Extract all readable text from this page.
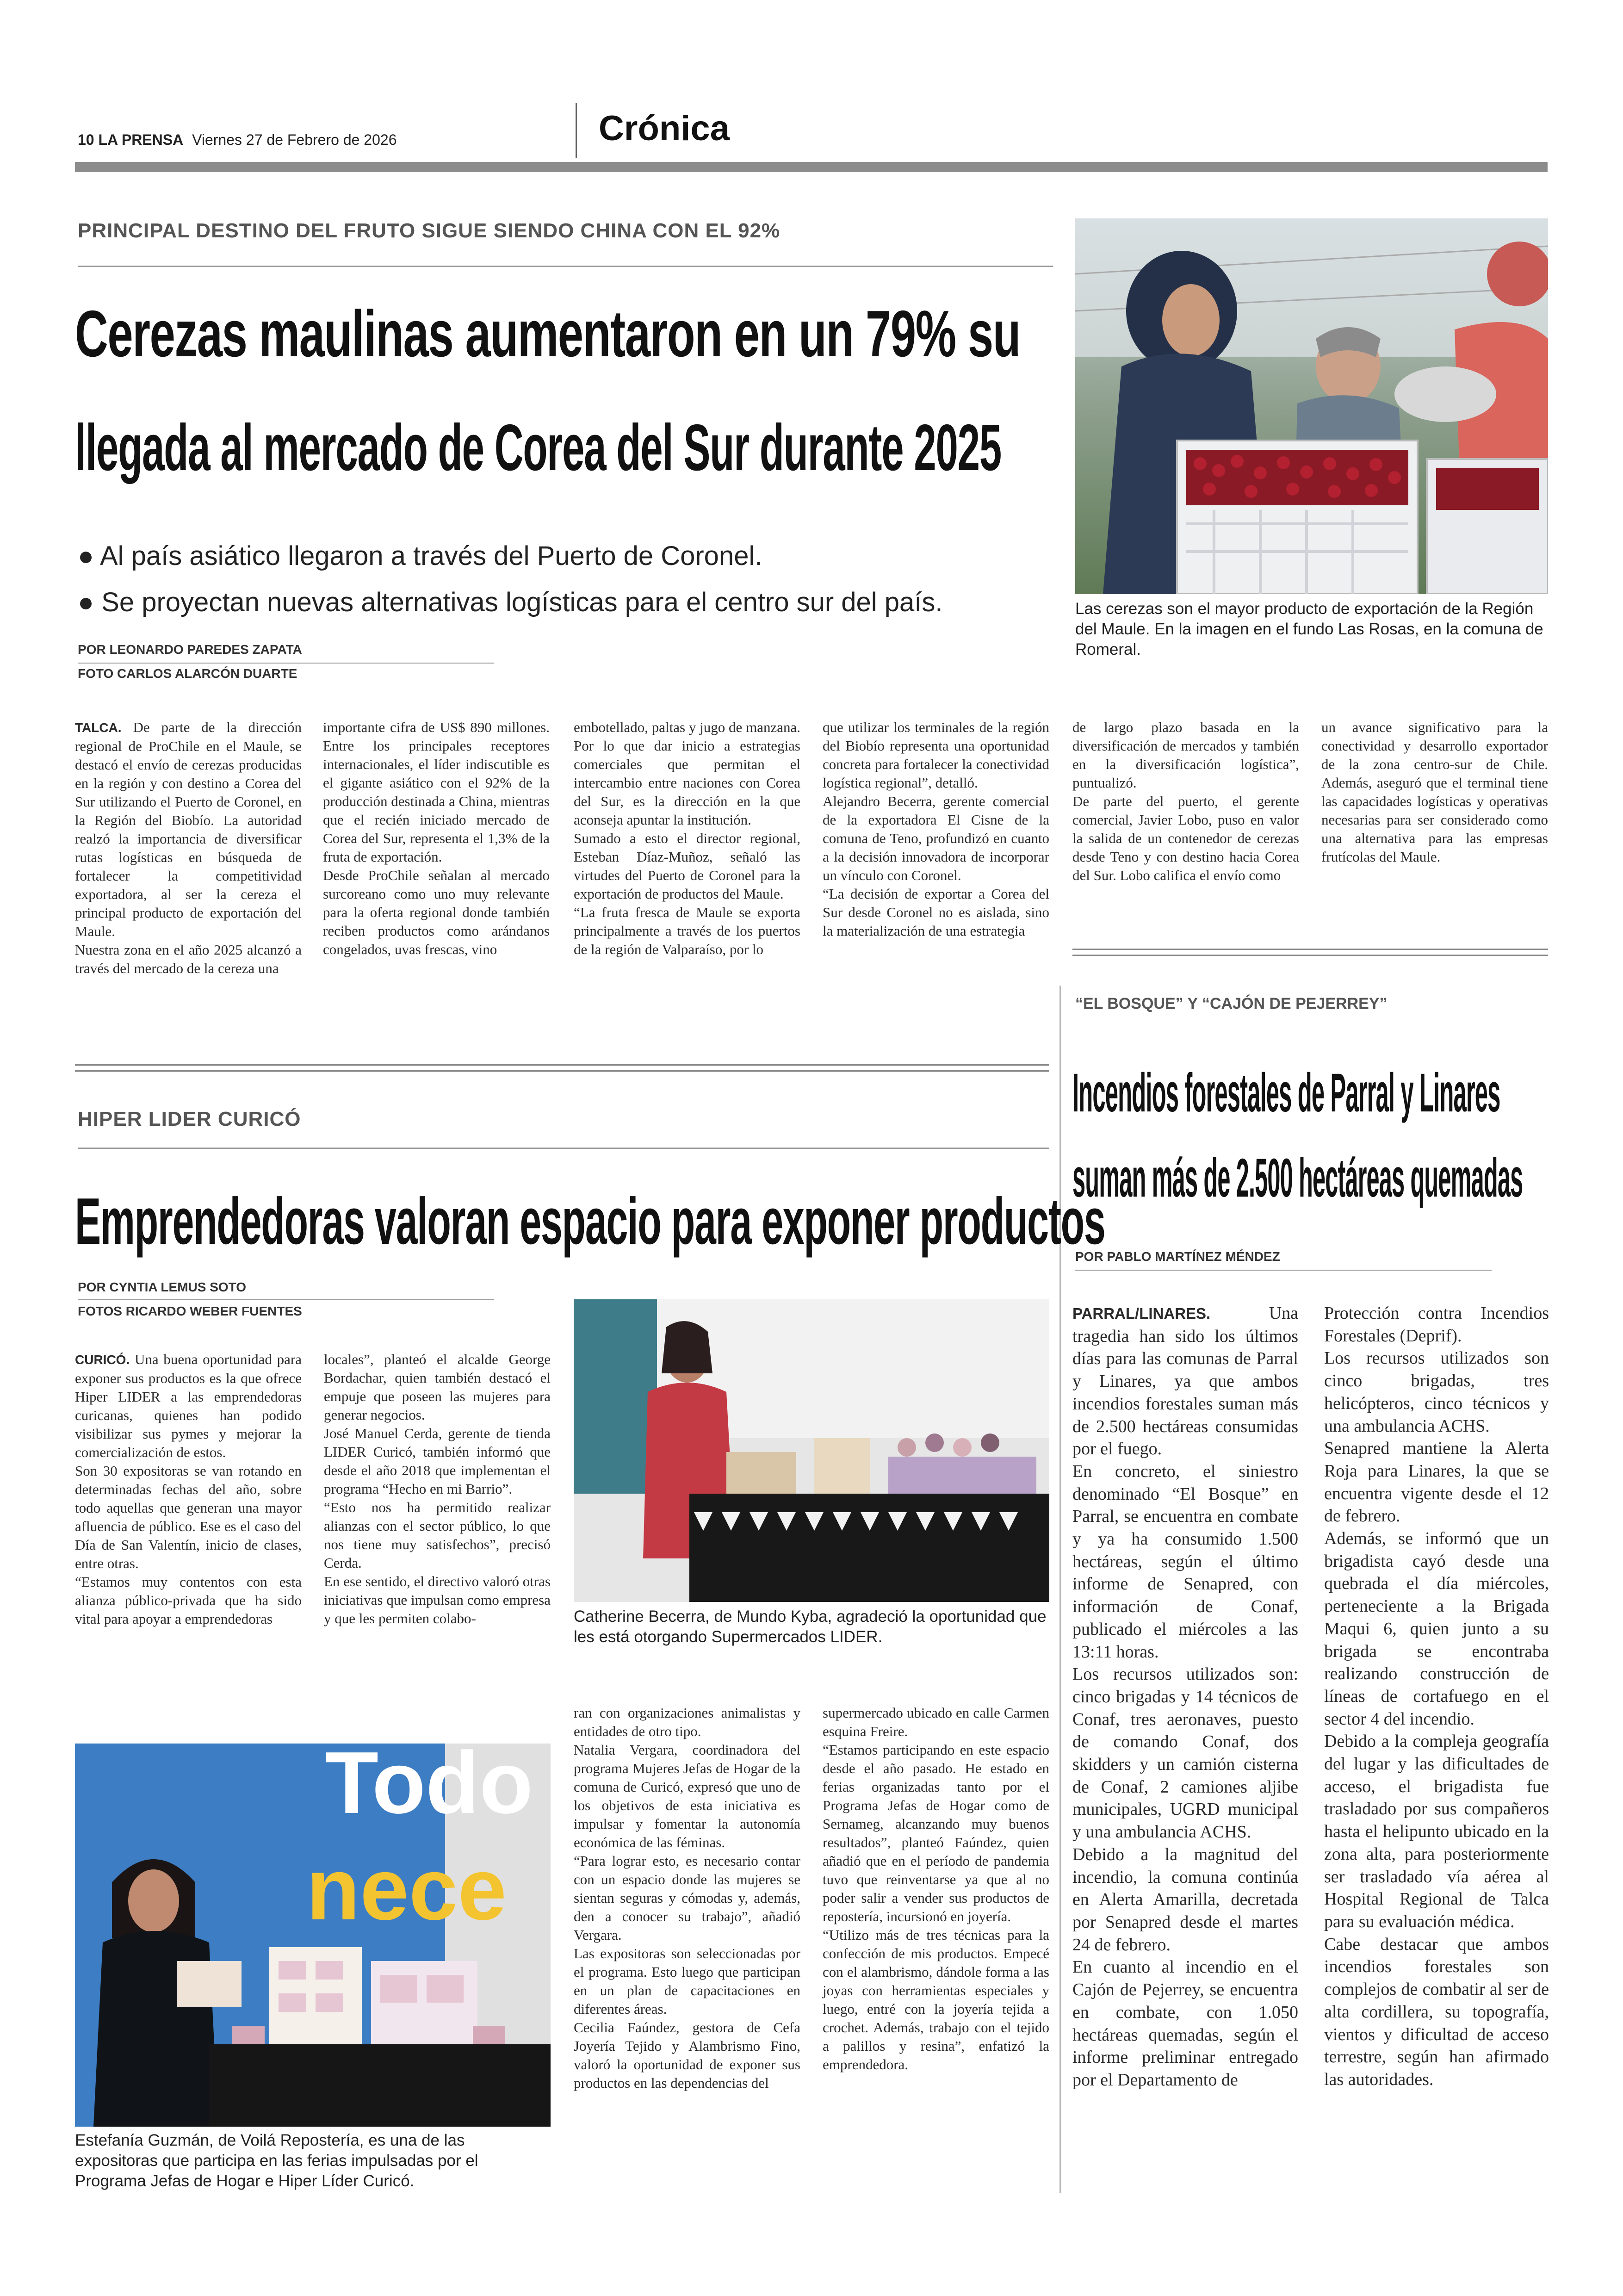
10 LA PRENSA Viernes 27 de Febrero de 2026	Crónica
PRINCIPAL DESTINO DEL FRUTO SIGUE SIENDO CHINA CON EL 92%
Cerezas maulinas aumentaron en un 79% su
llegada al mercado de Corea del Sur durante 2025
● Al país asiático llegaron a través del Puerto de Coronel.
● Se proyectan nuevas alternativas logísticas para el centro sur del país.
POR LEONARDO PAREDES ZAPATA
FOTO CARLOS ALARCÓN DUARTE
Las cerezas son el mayor producto de exportación de la Región del Maule. En la imagen en el fundo Las Rosas, en la comuna de Romeral.

TALCA. De parte de la dirección regional de ProChile en el Maule, se destacó el envío de cerezas producidas en la región y con destino a Corea del Sur utilizando el Puerto de Coronel, en la Región del Biobío. La autoridad realzó la importancia de diversificar rutas logísticas en búsqueda de fortalecer la competitividad exportadora, al ser la cereza el principal producto de exportación del Maule.

Nuestra zona en el año 2025 alcanzó a través del mercado de la cereza una

importante cifra de US$ 890 millones. Entre los principales receptores internacionales, el líder indiscutible es el gigante asiático con el 92% de la producción destinada a China, mientras que el recién iniciado mercado de Corea del Sur, representa el 1,3% de la fruta de exportación.

Desde ProChile señalan al mercado surcoreano como uno muy relevante para la oferta regional donde también reciben productos como arándanos congelados, uvas frescas, vino

embotellado, paltas y jugo de manzana. Por lo que dar inicio a estrategias comerciales que permitan el intercambio entre naciones con Corea del Sur, es la dirección en la que aconseja apuntar la institución.

Sumado a esto el director regional, Esteban Díaz-Muñoz, señaló las virtudes del Puerto de Coronel para la exportación de productos del Maule.

“La fruta fresca de Maule se exporta principalmente a través de los puertos de la región de Valparaíso, por lo

que utilizar los terminales de la región del Biobío representa una oportunidad concreta para fortalecer la conectividad logística regional”, detalló.

Alejandro Becerra, gerente comercial de la exportadora El Cisne de la comuna de Teno, profundizó en cuanto a la decisión innovadora de incorporar un vínculo con Coronel.

“La decisión de exportar a Corea del Sur desde Coronel no es aislada, sino la materialización de una estrategia

de largo plazo basada en la diversificación de mercados y también en la diversificación logística”, puntualizó.

De parte del puerto, el gerente comercial, Javier Lobo, puso en valor la salida de un contenedor de cerezas desde Teno y con destino hacia Corea del Sur. Lobo califica el envío como

un avance significativo para la conectividad y desarrollo exportador de la zona centro-sur de Chile. Además, aseguró que el terminal tiene las capacidades logísticas y operativas necesarias para ser considerado como una alternativa para las empresas frutícolas del Maule.

“EL BOSQUE” Y “CAJÓN DE PEJERREY”
Incendios forestales de Parral y Linares
suman más de 2.500 hectáreas quemadas
POR PABLO MARTÍNEZ MÉNDEZ

PARRAL/LINARES.	Una tragedia han sido los últimos días para las comunas de Parral y Linares, ya que ambos incendios forestales suman más de 2.500 hectáreas consumidas por el fuego.

En concreto, el siniestro denominado “El Bosque” en Parral, se encuentra en combate y ya ha consumido 1.500 hectáreas, según el último informe de Senapred, con información de Conaf, publicado el miércoles a las 13:11 horas.

Los recursos utilizados son: cinco brigadas y 14 técnicos de Conaf, tres aeronaves, puesto de comando Conaf, dos skidders y un camión cisterna de Conaf, 2 camiones aljibe municipales, UGRD municipal y una ambulancia ACHS.

Debido a la magnitud del incendio, la comuna continúa en Alerta Amarilla, decretada por Senapred desde el martes 24 de febrero.

En cuanto al incendio en el Cajón de Pejerrey, se encuentra en combate, con 1.050 hectáreas quemadas, según el informe preliminar entregado por el Departamento de

Protección contra Incendios Forestales (Deprif).

Los recursos utilizados son cinco brigadas, tres helicópteros, cinco técnicos y una ambulancia ACHS.

Senapred mantiene la Alerta Roja para Linares, la que se encuentra vigente desde el 12 de febrero.

Además, se informó que un brigadista cayó desde una quebrada el día miércoles, perteneciente a la Brigada Maqui 6, quien junto a su brigada se encontraba realizando construcción de líneas de cortafuego en el sector 4 del incendio.

Debido a la compleja geografía del lugar y las dificultades de acceso, el brigadista fue trasladado por sus compañeros hasta el helipunto ubicado en la zona alta, para posteriormente ser trasladado vía aérea al Hospital Regional de Talca para su evaluación médica.

Cabe destacar que ambos incendios forestales son complejos de combatir al ser de alta cordillera, su topografía, vientos y dificultad de acceso terrestre, según han afirmado las autoridades.

HIPER LIDER CURICÓ
Emprendedoras valoran espacio para exponer productos
POR CYNTIA LEMUS SOTO
FOTOS RICARDO WEBER FUENTES

CURICÓ. Una buena oportunidad para exponer sus productos es la que ofrece Hiper LIDER a las emprendedoras curicanas, quienes han podido visibilizar sus pymes y mejorar la comercialización de estos.

Son 30 expositoras se van rotando en determinadas fechas del año, sobre todo aquellas que generan una mayor afluencia de público. Ese es el caso del Día de San Valentín, inicio de clases, entre otras.

“Estamos muy contentos con esta alianza público-privada que ha sido vital para apoyar a emprendedoras

locales”, planteó el alcalde George Bordachar, quien también destacó el empuje que poseen las mujeres para generar negocios.

José Manuel Cerda, gerente de tienda LIDER Curicó, también informó que desde el año 2018 que implementan el programa “Hecho en mi Barrio”.

“Esto nos ha permitido realizar alianzas con el sector público, lo que nos tiene muy satisfechos”, precisó Cerda.

En ese sentido, el directivo valoró otras iniciativas que impulsan como empresa y que les permiten colabo-	Catherine Becerra, de Mundo Kyba, agradeció la oportunidad que les está otorgando Supermercados LIDER.
Todo
nece
Estefanía Guzmán, de Voilá Repostería, es una de las expositoras que participa en las ferias impulsadas por el Programa Jefas de Hogar e Hiper Líder Curicó.

ran con organizaciones animalistas y entidades de otro tipo.

Natalia Vergara, coordinadora del programa Mujeres Jefas de Hogar de la comuna de Curicó, expresó que uno de los objetivos de esta iniciativa es impulsar y fomentar la autonomía económica de las féminas.

“Para lograr esto, es necesario contar con un espacio donde las mujeres se sientan seguras y cómodas y, además, den a conocer su trabajo”, añadió Vergara.

Las expositoras son seleccionadas por el programa. Esto luego que participan en un plan de capacitaciones en diferentes áreas.

Cecilia Faúndez, gestora de Cefa Joyería Tejido y Alambrismo Fino, valoró la oportunidad de exponer sus productos en las dependencias del

supermercado ubicado en calle Carmen esquina Freire.

“Estamos participando en este espacio desde el año pasado. He estado en ferias organizadas tanto por el Programa Jefas de Hogar como de Sernameg, alcanzando muy buenos resultados”, planteó Faúndez, quien añadió que en el período de pandemia tuvo que reinventarse ya que al no poder salir a vender sus productos de repostería, incursionó en joyería.

“Utilizo más de tres técnicas para la confección de mis productos. Empecé con el alambrismo, dándole forma a las joyas con herramientas especiales y luego, entré con la joyería tejida a crochet. Además, trabajo con el tejido a palillos y resina”, enfatizó la emprendedora.
